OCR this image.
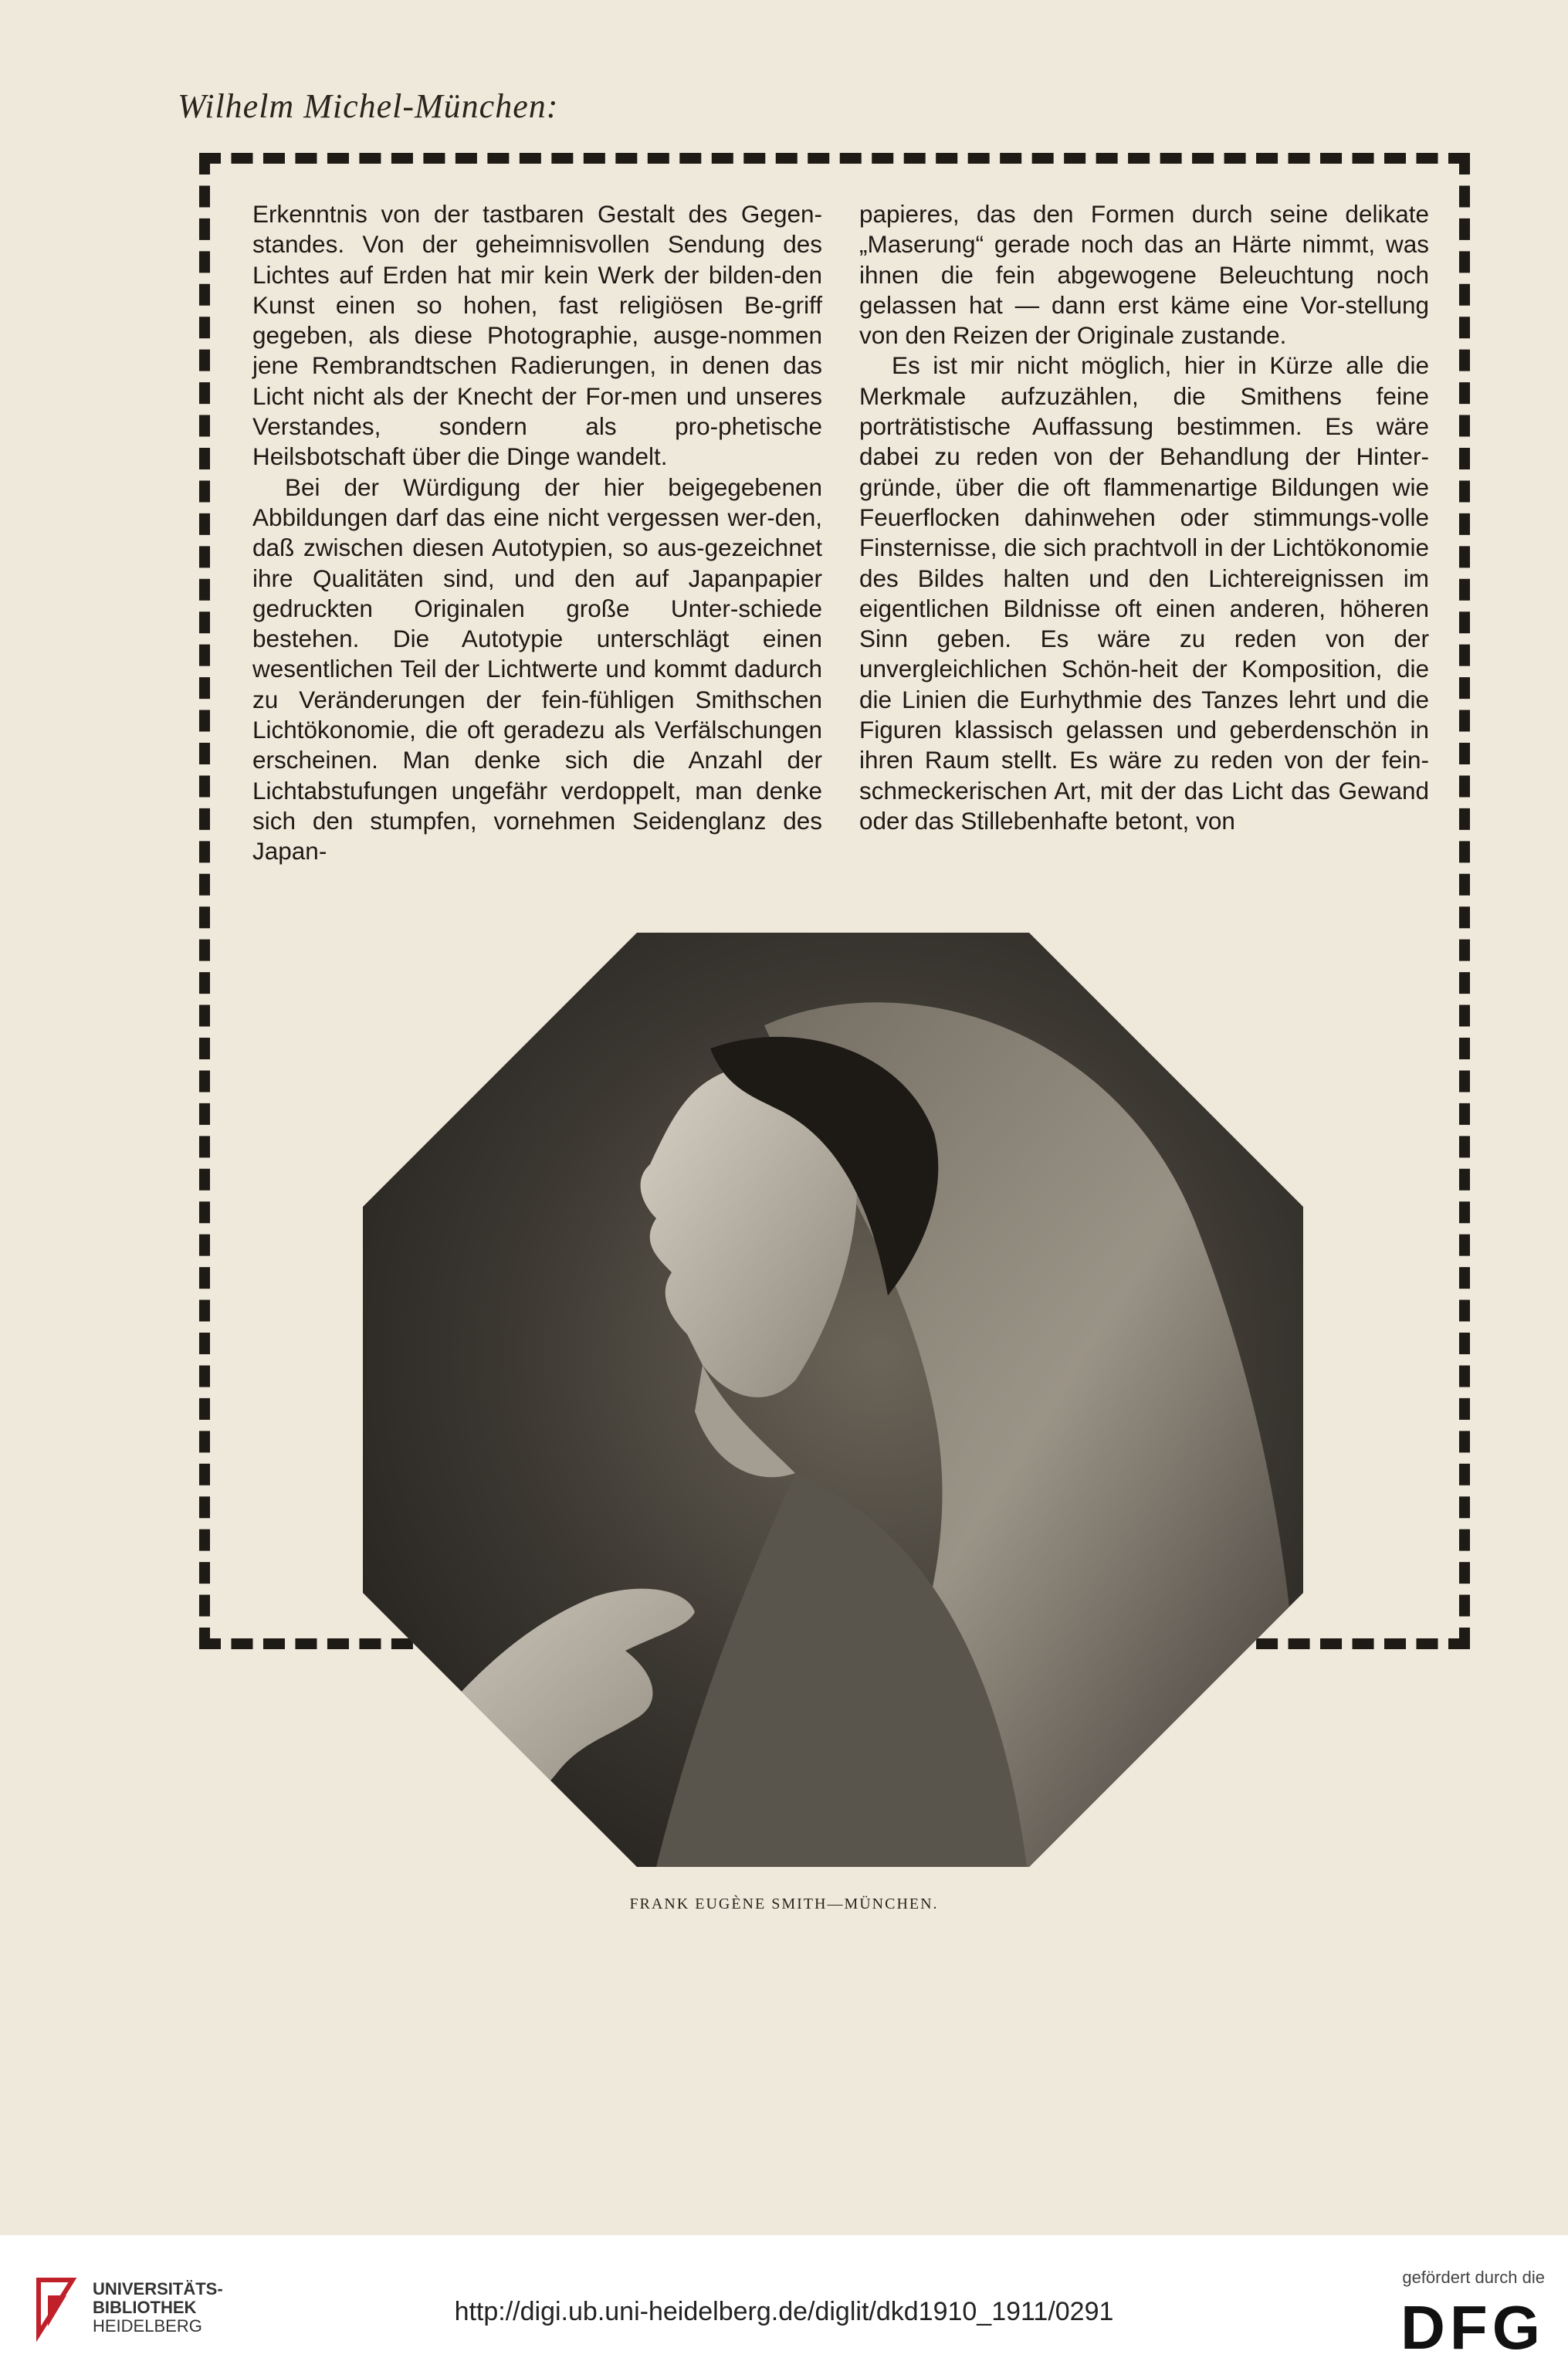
Wilhelm Michel-München:

Erkenntnis von der tastbaren Gestalt des Gegen-standes. Von der geheimnisvollen Sendung des Lichtes auf Erden hat mir kein Werk der bilden-den Kunst einen so hohen, fast religiösen Be-griff gegeben, als diese Photographie, ausge-nommen jene Rembrandtschen Radierungen, in denen das Licht nicht als der Knecht der For-men und unseres Verstandes, sondern als pro-phetische Heilsbotschaft über die Dinge wandelt.

Bei der Würdigung der hier beigegebenen Abbildungen darf das eine nicht vergessen wer-den, daß zwischen diesen Autotypien, so aus-gezeichnet ihre Qualitäten sind, und den auf Japanpapier gedruckten Originalen große Unter-schiede bestehen. Die Autotypie unterschlägt einen wesentlichen Teil der Lichtwerte und kommt dadurch zu Veränderungen der fein-fühligen Smithschen Lichtökonomie, die oft geradezu als Verfälschungen erscheinen. Man denke sich die Anzahl der Lichtabstufungen ungefähr verdoppelt, man denke sich den stumpfen, vornehmen Seidenglanz des Japan-

papieres, das den Formen durch seine delikate „Maserung“ gerade noch das an Härte nimmt, was ihnen die fein abgewogene Beleuchtung noch gelassen hat — dann erst käme eine Vor-stellung von den Reizen der Originale zustande.

Es ist mir nicht möglich, hier in Kürze alle die Merkmale aufzuzählen, die Smithens feine porträtistische Auffassung bestimmen. Es wäre dabei zu reden von der Behandlung der Hinter-gründe, über die oft flammenartige Bildungen wie Feuerflocken dahinwehen oder stimmungs-volle Finsternisse, die sich prachtvoll in der Lichtökonomie des Bildes halten und den Lichtereignissen im eigentlichen Bildnisse oft einen anderen, höheren Sinn geben. Es wäre zu reden von der unvergleichlichen Schön-heit der Komposition, die die Linien die Eurhythmie des Tanzes lehrt und die Figuren klassisch gelassen und geberdenschön in ihren Raum stellt. Es wäre zu reden von der fein-schmeckerischen Art, mit der das Licht das Gewand oder das Stillebenhafte betont, von

FRANK EUGÈNE SMITH—MÜNCHEN.
UNIVERSITÄTS-
BIBLIOTHEK
HEIDELBERG	http://digi.ub.uni-heidelberg.de/diglit/dkd1910_1911/0291
gefördert durch die
DFG
